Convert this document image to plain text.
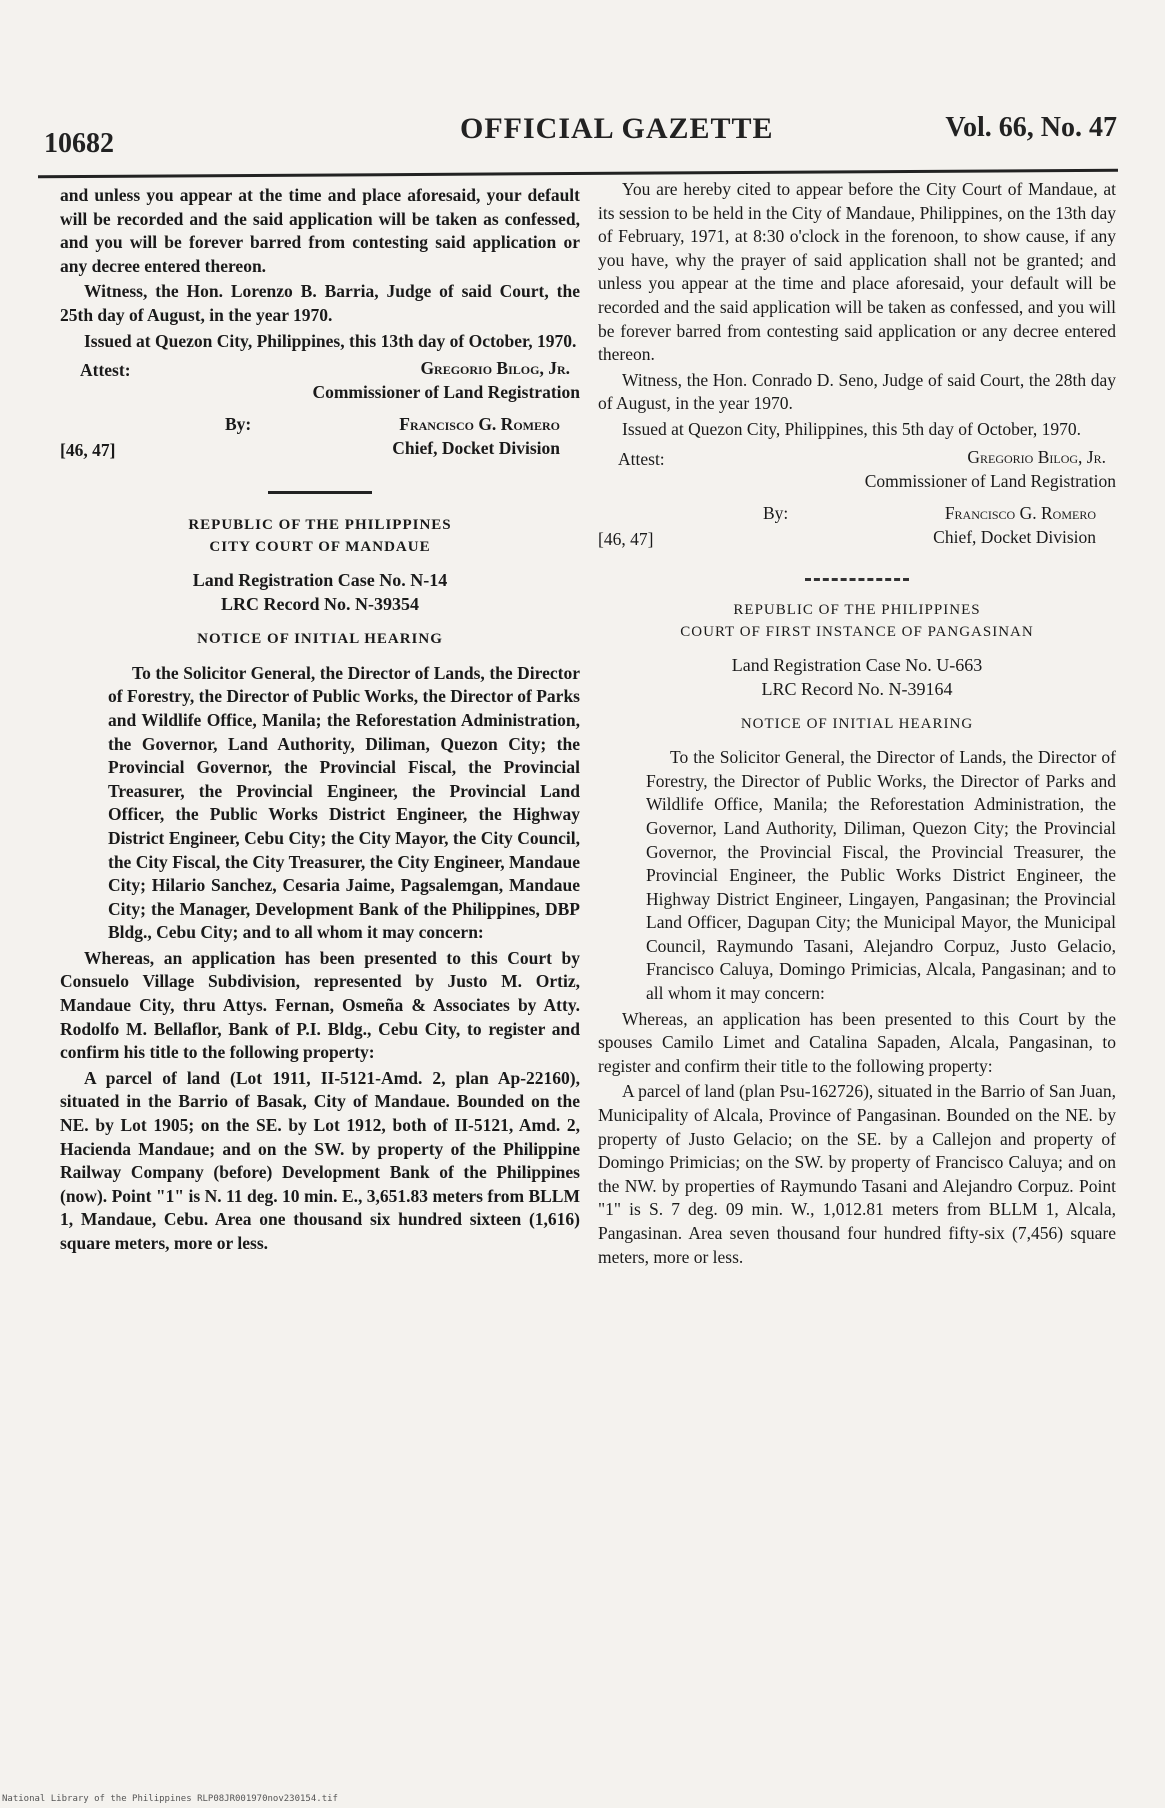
10682	OFFICIAL GAZETTE	Vol. 66, No. 47

and unless you appear at the time and place aforesaid, your default will be recorded and the said application will be taken as confessed, and you will be forever barred from contesting said application or any decree entered thereon.

Witness, the Hon. Lorenzo B. Barria, Judge of said Court, the 25th day of August, in the year 1970.

Issued at Quezon City, Philippines, this 13th day of October, 1970.

Attest:	Gregorio Bilog, Jr.
Commissioner of Land Registration
By:	Francisco G. Romero
[46, 47]	Chief, Docket Division
REPUBLIC OF THE PHILIPPINES
CITY COURT OF MANDAUE
Land Registration Case No. N-14
LRC Record No. N-39354
NOTICE OF INITIAL HEARING

To the Solicitor General, the Director of Lands, the Director of Forestry, the Director of Public Works, the Director of Parks and Wildlife Office, Manila; the Reforestation Administration, the Governor, Land Authority, Diliman, Quezon City; the Provincial Governor, the Provincial Fiscal, the Provincial Treasurer, the Provincial Engineer, the Provincial Land Officer, the Public Works District Engineer, the Highway District Engineer, Cebu City; the City Mayor, the City Council, the City Fiscal, the City Treasurer, the City Engineer, Mandaue City; Hilario Sanchez, Cesaria Jaime, Pagsalemgan, Mandaue City; the Manager, Development Bank of the Philippines, DBP Bldg., Cebu City; and to all whom it may concern:

Whereas, an application has been presented to this Court by Consuelo Village Subdivision, represented by Justo M. Ortiz, Mandaue City, thru Attys. Fernan, Osmeña & Associates by Atty. Rodolfo M. Bellaflor, Bank of P.I. Bldg., Cebu City, to register and confirm his title to the following property:

A parcel of land (Lot 1911, II-5121-Amd. 2, plan Ap-22160), situated in the Barrio of Basak, City of Mandaue. Bounded on the NE. by Lot 1905; on the SE. by Lot 1912, both of II-5121, Amd. 2, Hacienda Mandaue; and on the SW. by property of the Philippine Railway Company (before) Development Bank of the Philippines (now). Point "1" is N. 11 deg. 10 min. E., 3,651.83 meters from BLLM 1, Mandaue, Cebu. Area one thousand six hundred sixteen (1,616) square meters, more or less.

You are hereby cited to appear before the City Court of Mandaue, at its session to be held in the City of Mandaue, Philippines, on the 13th day of February, 1971, at 8:30 o'clock in the forenoon, to show cause, if any you have, why the prayer of said application shall not be granted; and unless you appear at the time and place aforesaid, your default will be recorded and the said application will be taken as confessed, and you will be forever barred from contesting said application or any decree entered thereon.

Witness, the Hon. Conrado D. Seno, Judge of said Court, the 28th day of August, in the year 1970.

Issued at Quezon City, Philippines, this 5th day of October, 1970.

Attest:	Gregorio Bilog, Jr.
Commissioner of Land Registration
By:	Francisco G. Romero
[46, 47]	Chief, Docket Division
REPUBLIC OF THE PHILIPPINES
COURT OF FIRST INSTANCE OF PANGASINAN
Land Registration Case No. U-663
LRC Record No. N-39164
NOTICE OF INITIAL HEARING

To the Solicitor General, the Director of Lands, the Director of Forestry, the Director of Public Works, the Director of Parks and Wildlife Office, Manila; the Reforestation Administration, the Governor, Land Authority, Diliman, Quezon City; the Provincial Governor, the Provincial Fiscal, the Provincial Treasurer, the Provincial Engineer, the Public Works District Engineer, the Highway District Engineer, Lingayen, Pangasinan; the Provincial Land Officer, Dagupan City; the Municipal Mayor, the Municipal Council, Raymundo Tasani, Alejandro Corpuz, Justo Gelacio, Francisco Caluya, Domingo Primicias, Alcala, Pangasinan; and to all whom it may concern:

Whereas, an application has been presented to this Court by the spouses Camilo Limet and Catalina Sapaden, Alcala, Pangasinan, to register and confirm their title to the following property:

A parcel of land (plan Psu-162726), situated in the Barrio of San Juan, Municipality of Alcala, Province of Pangasinan. Bounded on the NE. by property of Justo Gelacio; on the SE. by a Callejon and property of Domingo Primicias; on the SW. by property of Francisco Caluya; and on the NW. by properties of Raymundo Tasani and Alejandro Corpuz. Point "1" is S. 7 deg. 09 min. W., 1,012.81 meters from BLLM 1, Alcala, Pangasinan. Area seven thousand four hundred fifty-six (7,456) square meters, more or less.

National Library of the Philippines RLP08JR001970nov230154.tif
